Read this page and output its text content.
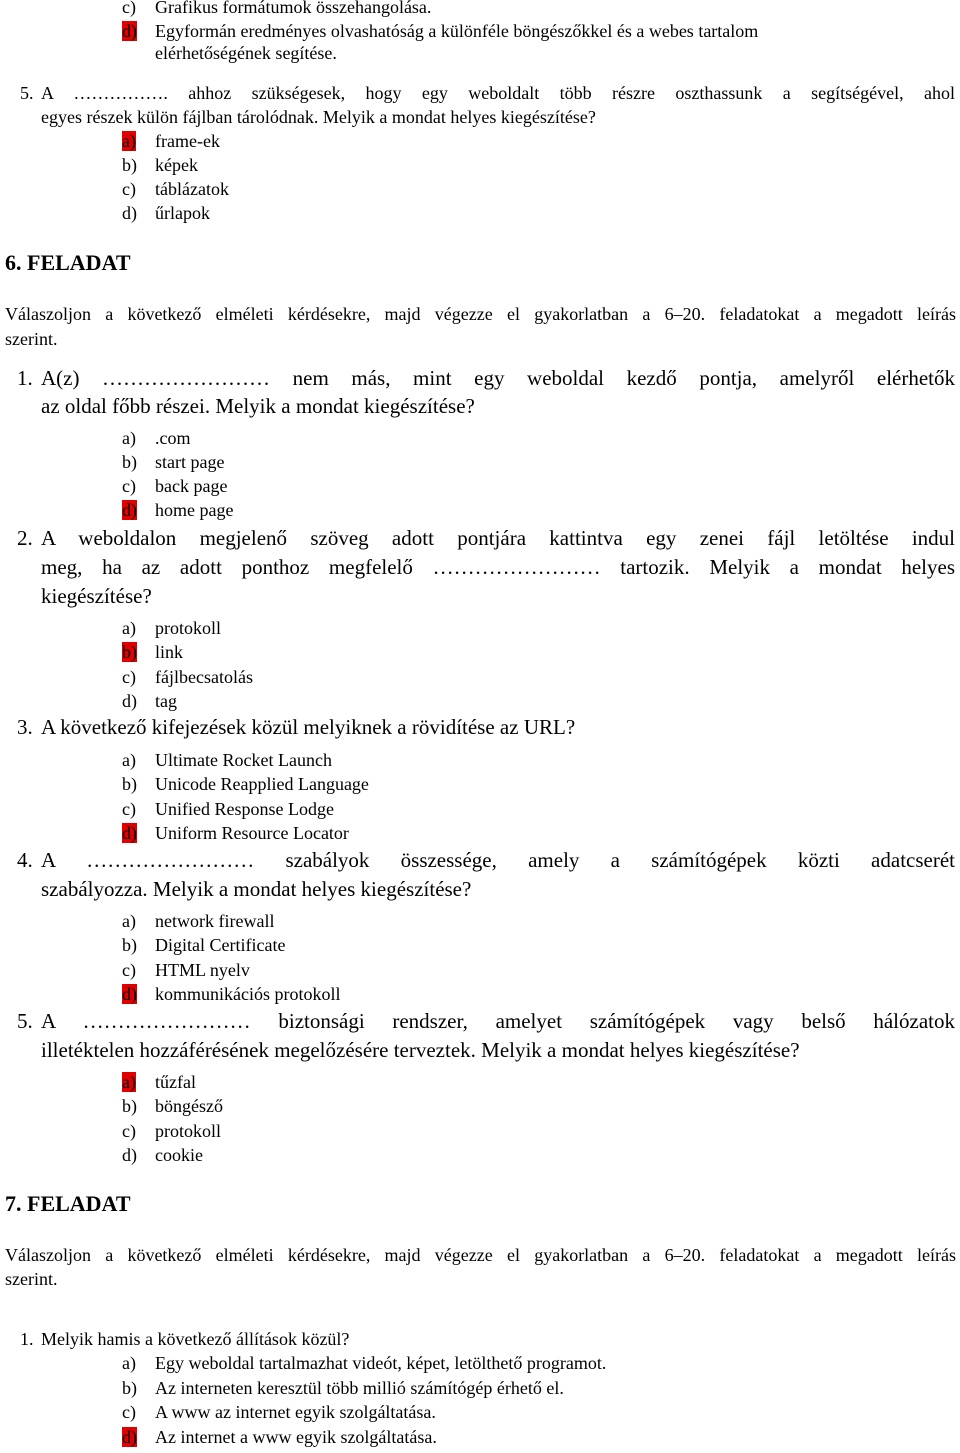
c) Grafikus formátumok összehangolása.
d) Egyformán eredményes olvashatóság a különféle böngészőkkel és a webes tartalom
elérhetőségének segítése.
5. A ……………. ahhoz szükségesek, hogy egy weboldalt több részre oszthassunk a segítségével, ahol
egyes részek külön fájlban tárolódnak. Melyik a mondat helyes kiegészítése?
a) frame-ek
b) képek
c) táblázatok
d) űrlapok
6. FELADAT
Válaszoljon a következő elméleti kérdésekre, majd végezze el gyakorlatban a 6‒20. feladatokat a megadott leírás
szerint.
1. A(z) …………………… nem más, mint egy weboldal kezdő pontja, amelyről elérhetők
az oldal főbb részei. Melyik a mondat kiegészítése?
a) .com
b) start page
c) back page
d) home page
2. A weboldalon megjelenő szöveg adott pontjára kattintva egy zenei fájl letöltése indul
meg, ha az adott ponthoz megfelelő …………………… tartozik. Melyik a mondat helyes
kiegészítése?
a) protokoll
b) link
c) fájlbecsatolás
d) tag
3. A következő kifejezések közül melyiknek a rövidítése az URL?
a) Ultimate Rocket Launch
b) Unicode Reapplied Language
c) Unified Response Lodge
d) Uniform Resource Locator
4. A …………………… szabályok összessége, amely a számítógépek közti adatcserét
szabályozza. Melyik a mondat helyes kiegészítése?
a) network firewall
b) Digital Certificate
c) HTML nyelv
d) kommunikációs protokoll
5. A …………………… biztonsági rendszer, amelyet számítógépek vagy belső hálózatok
illetéktelen hozzáférésének megelőzésére terveztek. Melyik a mondat helyes kiegészítése?
a) tűzfal
b) böngésző
c) protokoll
d) cookie
7. FELADAT
Válaszoljon a következő elméleti kérdésekre, majd végezze el gyakorlatban a 6‒20. feladatokat a megadott leírás
szerint.
1. Melyik hamis a következő állítások közül?
a) Egy weboldal tartalmazhat videót, képet, letölthető programot.
b) Az interneten keresztül több millió számítógép érhető el.
c) A www az internet egyik szolgáltatása.
d) Az internet a www egyik szolgáltatása.
